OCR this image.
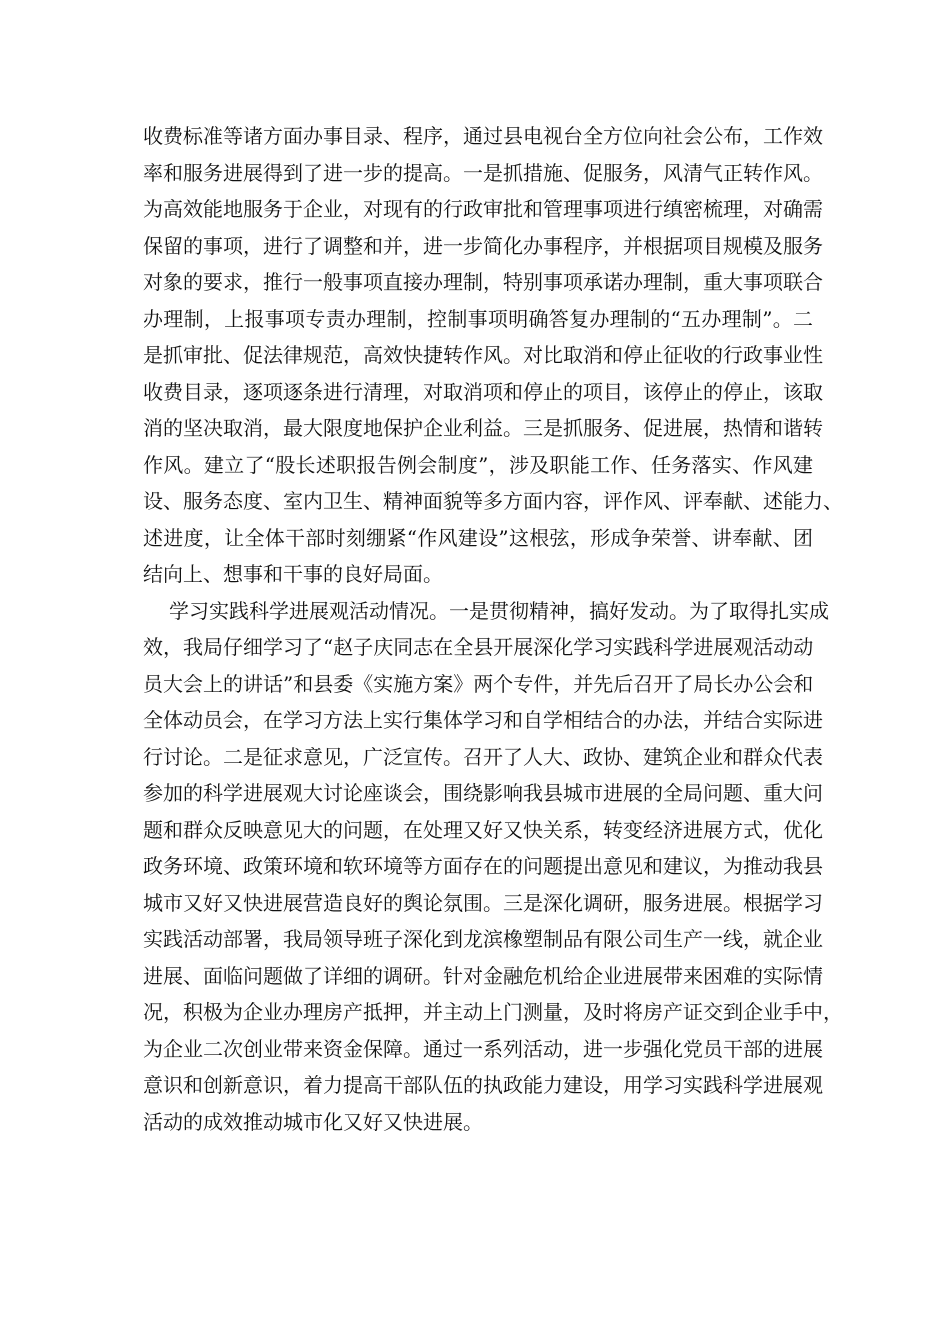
收费标准等诸方面办事目录、程序，通过县电视台全方位向社会公布，工作效
率和服务进展得到了进一步的提高。一是抓措施、促服务，风清气正转作风。
为高效能地服务于企业，对现有的行政审批和管理事项进行缜密梳理，对确需
保留的事项，进行了调整和并，进一步简化办事程序，并根据项目规模及服务
对象的要求，推行一般事项直接办理制，特别事项承诺办理制，重大事项联合
办理制，上报事项专责办理制，控制事项明确答复办理制的“五办理制”。二
是抓审批、促法律规范，高效快捷转作风。对比取消和停止征收的行政事业性
收费目录，逐项逐条进行清理，对取消项和停止的项目，该停止的停止，该取
消的坚决取消，最大限度地保护企业利益。三是抓服务、促进展，热情和谐转
作风。建立了“股长述职报告例会制度”，涉及职能工作、任务落实、作风建
设、服务态度、室内卫生、精神面貌等多方面内容，评作风、评奉献、述能力、
述进度，让全体干部时刻绷紧“作风建设”这根弦，形成争荣誉、讲奉献、团
结向上、想事和干事的良好局面。
学习实践科学进展观活动情况。一是贯彻精神，搞好发动。为了取得扎实成
效，我局仔细学习了“赵子庆同志在全县开展深化学习实践科学进展观活动动
员大会上的讲话”和县委《实施方案》两个专件，并先后召开了局长办公会和
全体动员会，在学习方法上实行集体学习和自学相结合的办法，并结合实际进
行讨论。二是征求意见，广泛宣传。召开了人大、政协、建筑企业和群众代表
参加的科学进展观大讨论座谈会，围绕影响我县城市进展的全局问题、重大问
题和群众反映意见大的问题，在处理又好又快关系，转变经济进展方式，优化
政务环境、政策环境和软环境等方面存在的问题提出意见和建议，为推动我县
城市又好又快进展营造良好的舆论氛围。三是深化调研，服务进展。根据学习
实践活动部署，我局领导班子深化到龙滨橡塑制品有限公司生产一线，就企业
进展、面临问题做了详细的调研。针对金融危机给企业进展带来困难的实际情
况，积极为企业办理房产抵押，并主动上门测量，及时将房产证交到企业手中，
为企业二次创业带来资金保障。通过一系列活动，进一步强化党员干部的进展
意识和创新意识，着力提高干部队伍的执政能力建设，用学习实践科学进展观
活动的成效推动城市化又好又快进展。
